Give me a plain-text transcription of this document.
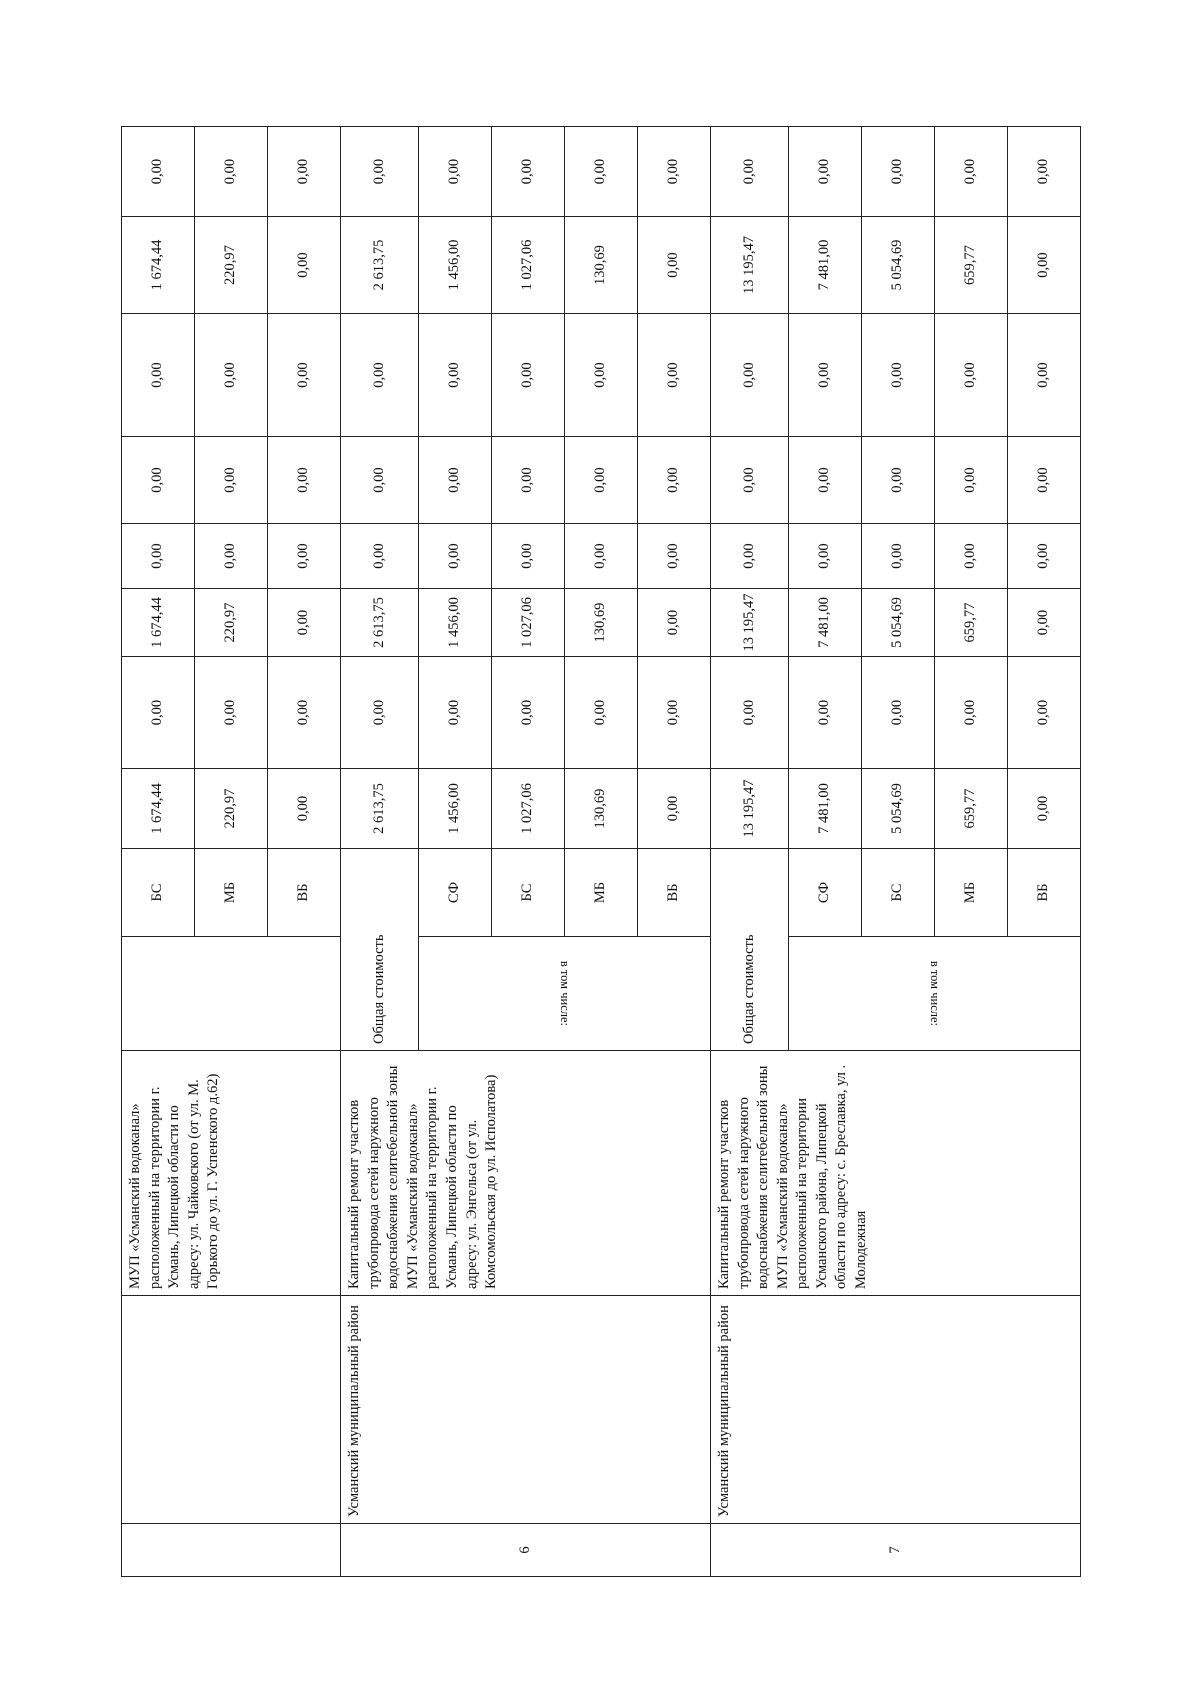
		МУП «Усманский водоканал» расположенный на территории г. Усмань, Липецкой области по адресу: ул. Чайковского (от ул. М. Горького до ул. Г. Успенского д.62)		БС	1 674,44	0,00	1 674,44	0,00	0,00	0,00	1 674,44	0,00	
				МБ	220,97	0,00	220,97	0,00	0,00	0,00	220,97	0,00	
				ВБ	0,00	0,00	0,00	0,00	0,00	0,00	0,00	0,00	
6	Усманский муниципальный район	Капитальный ремонт участков трубопровода сетей наружного водоснабжения селитебельной зоны МУП «Усманский водоканал» расположенный на территории г. Усмань, Липецкой области по адресу: ул. Энгельса (от ул. Комсомольская до ул. Исполатова)	Общая стоимость		2 613,75	0,00	2 613,75	0,00	0,00	0,00	2 613,75	0,00	
			в том числе:	СФ	1 456,00	0,00	1 456,00	0,00	0,00	0,00	1 456,00	0,00	
				БС	1 027,06	0,00	1 027,06	0,00	0,00	0,00	1 027,06	0,00	
				МБ	130,69	0,00	130,69	0,00	0,00	0,00	130,69	0,00	
				ВБ	0,00	0,00	0,00	0,00	0,00	0,00	0,00	0,00	
7	Усманский муниципальный район	Капитальный ремонт участков трубопровода сетей наружного водоснабжения селитебельной зоны МУП «Усманский водоканал» расположенный на территории Усманского района, Липецкой области по адресу: с. Бреславка, ул . Молодежная	Общая стоимость		13 195,47	0,00	13 195,47	0,00	0,00	0,00	13 195,47	0,00	
			в том числе:	СФ	7 481,00	0,00	7 481,00	0,00	0,00	0,00	7 481,00	0,00	
				БС	5 054,69	0,00	5 054,69	0,00	0,00	0,00	5 054,69	0,00	
				МБ	659,77	0,00	659,77	0,00	0,00	0,00	659,77	0,00	
				ВБ	0,00	0,00	0,00	0,00	0,00	0,00	0,00	0,00	
